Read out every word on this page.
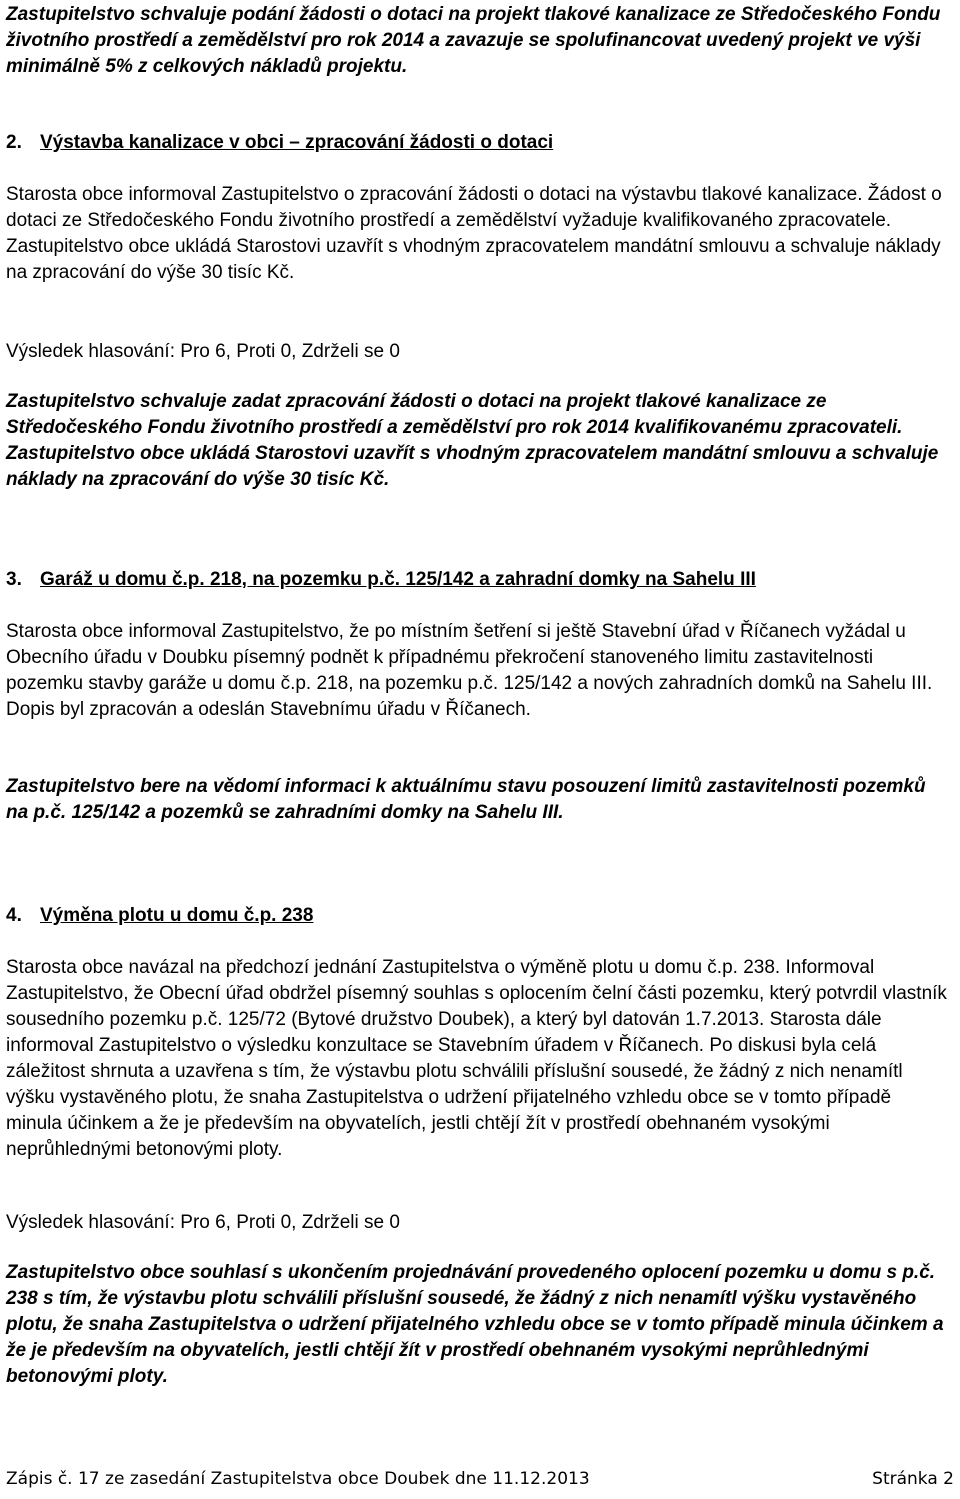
Zastupitelstvo schvaluje podání žádosti o dotaci na projekt tlakové kanalizace ze Středočeského Fondu životního prostředí a zemědělství pro rok 2014 a zavazuje se spolufinancovat uvedený projekt ve výši minimálně 5% z celkových nákladů projektu.

2. Výstavba kanalizace v obci – zpracování žádosti o dotaci

Starosta obce informoval Zastupitelstvo o zpracování žádosti o dotaci na výstavbu tlakové kanalizace. Žádost o dotaci ze Středočeského Fondu životního prostředí a zemědělství vyžaduje kvalifikovaného zpracovatele. Zastupitelstvo obce ukládá Starostovi uzavřít s vhodným zpracovatelem mandátní smlouvu a schvaluje náklady na zpracování do výše 30 tisíc Kč.

Výsledek hlasování: Pro 6, Proti 0, Zdrželi se 0

Zastupitelstvo schvaluje zadat zpracování žádosti o dotaci na projekt tlakové kanalizace ze Středočeského Fondu životního prostředí a zemědělství pro rok 2014 kvalifikovanému zpracovateli. Zastupitelstvo obce ukládá Starostovi uzavřít s vhodným zpracovatelem mandátní smlouvu a schvaluje náklady na zpracování do výše 30 tisíc Kč.

3. Garáž u domu č.p. 218, na pozemku p.č. 125/142 a zahradní domky na Sahelu III

Starosta obce informoval Zastupitelstvo, že po místním šetření si ještě Stavební úřad v Říčanech vyžádal u Obecního úřadu v Doubku písemný podnět k případnému překročení stanoveného limitu zastavitelnosti pozemku stavby garáže u domu č.p. 218, na pozemku p.č. 125/142 a nových zahradních domků na Sahelu III. Dopis byl zpracován a odeslán Stavebnímu úřadu v Říčanech.

Zastupitelstvo bere na vědomí informaci k aktuálnímu stavu posouzení limitů zastavitelnosti pozemků na p.č. 125/142 a pozemků se zahradními domky na Sahelu III.

4. Výměna plotu u domu č.p. 238

Starosta obce navázal na předchozí jednání Zastupitelstva o výměně plotu u domu č.p. 238. Informoval Zastupitelstvo, že Obecní úřad obdržel písemný souhlas s oplocením čelní části pozemku, který potvrdil vlastník sousedního pozemku p.č. 125/72 (Bytové družstvo Doubek), a který byl datován 1.7.2013. Starosta dále informoval Zastupitelstvo o výsledku konzultace se Stavebním úřadem v Říčanech. Po diskusi byla celá záležitost shrnuta a uzavřena s tím, že výstavbu plotu schválili příslušní sousedé, že žádný z nich nenamítl výšku vystavěného plotu, že snaha Zastupitelstva o udržení přijatelného vzhledu obce se v tomto případě minula účinkem a že je především na obyvatelích, jestli chtějí žít v prostředí obehnaném vysokými neprůhlednými betonovými ploty.

Výsledek hlasování: Pro 6, Proti 0, Zdrželi se 0

Zastupitelstvo obce souhlasí s ukončením projednávání provedeného oplocení pozemku u domu s p.č. 238 s tím, že výstavbu plotu schválili příslušní sousedé, že žádný z nich nenamítl výšku vystavěného plotu, že snaha Zastupitelstva o udržení přijatelného vzhledu obce se v tomto případě minula účinkem a že je především na obyvatelích, jestli chtějí žít v prostředí obehnaném vysokými neprůhlednými betonovými ploty.

Zápis č. 17 ze zasedání Zastupitelstva obce Doubek dne 11.12.2013	Stránka 2
